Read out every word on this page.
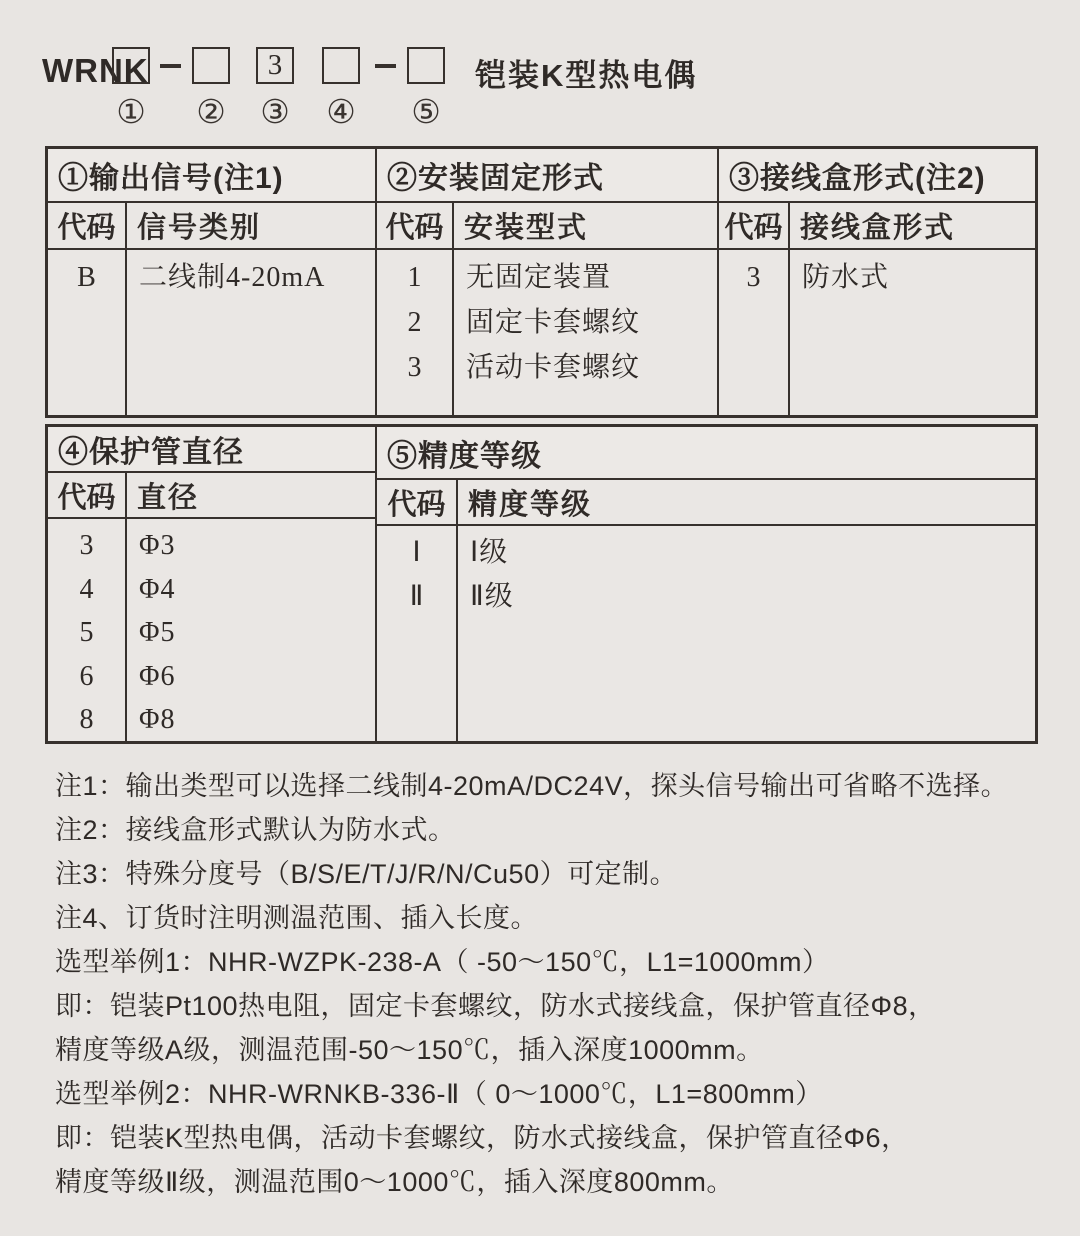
WRNK	3	铠装K型热电偶
① ② ③ ④ ⑤
①输出信号(注1)
代码
B
信号类别
二线制4-20mA
②安装固定形式
代码
1
2
3
安装型式
无固定装置
固定卡套螺纹
活动卡套螺纹
③接线盒形式(注2)
代码
3
接线盒形式
防水式
④保护管直径
代码
3
4
5
6
8
直径
Φ3
Φ4
Φ5
Φ6
Φ8
⑤精度等级
代码
Ⅰ
Ⅱ
精度等级
Ⅰ级
Ⅱ级
注1：输出类型可以选择二线制4-20mA/DC24V，探头信号输出可省略不选择。
注2：接线盒形式默认为防水式。
注3：特殊分度号（B/S/E/T/J/R/N/Cu50）可定制。
注4、订货时注明测温范围、插入长度。
选型举例1：NHR-WZPK-238-A（ -50～150℃，L1=1000mm）
即：铠装Pt100热电阻，固定卡套螺纹，防水式接线盒，保护管直径Φ8，
精度等级A级，测温范围-50～150℃，插入深度1000mm。
选型举例2：NHR-WRNKB-336-Ⅱ（ 0～1000℃，L1=800mm）
即：铠装K型热电偶，活动卡套螺纹，防水式接线盒，保护管直径Φ6，
精度等级Ⅱ级，测温范围0～1000℃，插入深度800mm。
